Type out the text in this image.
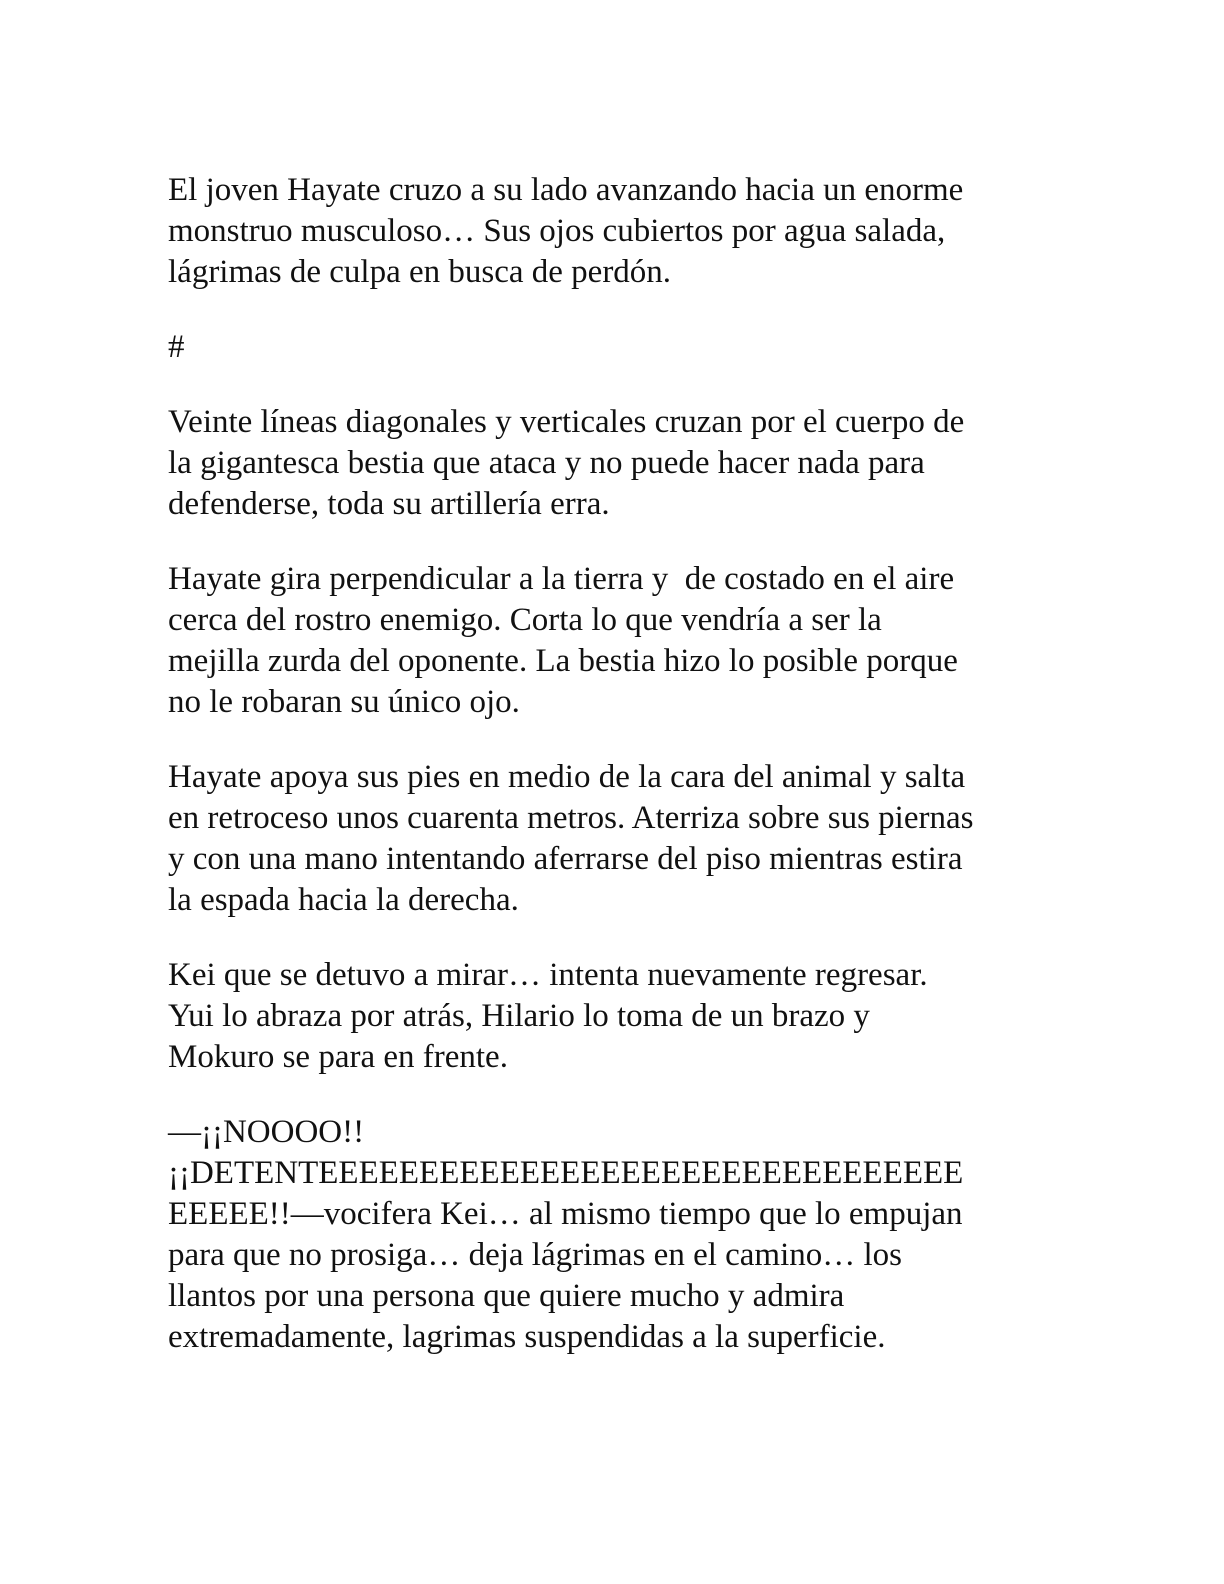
El joven Hayate cruzo a su lado avanzando hacia un enorme
monstruo musculoso… Sus ojos cubiertos por agua salada,
lágrimas de culpa en busca de perdón.

#

Veinte líneas diagonales y verticales cruzan por el cuerpo de
la gigantesca bestia que ataca y no puede hacer nada para
defenderse, toda su artillería erra.

Hayate gira perpendicular a la tierra y  de costado en el aire
cerca del rostro enemigo. Corta lo que vendría a ser la
mejilla zurda del oponente. La bestia hizo lo posible porque
no le robaran su único ojo.

Hayate apoya sus pies en medio de la cara del animal y salta
en retroceso unos cuarenta metros. Aterriza sobre sus piernas
y con una mano intentando aferrarse del piso mientras estira
la espada hacia la derecha.

Kei que se detuvo a mirar… intenta nuevamente regresar.
Yui lo abraza por atrás, Hilario lo toma de un brazo y
Mokuro se para en frente.

—¡¡NOOOO!!
¡¡DETENTEEEEEEEEEEEEEEEEEEEEEEEEEEEEEEEE
EEEEE!!—vocifera Kei… al mismo tiempo que lo empujan
para que no prosiga… deja lágrimas en el camino… los
llantos por una persona que quiere mucho y admira
extremadamente, lagrimas suspendidas a la superficie.
